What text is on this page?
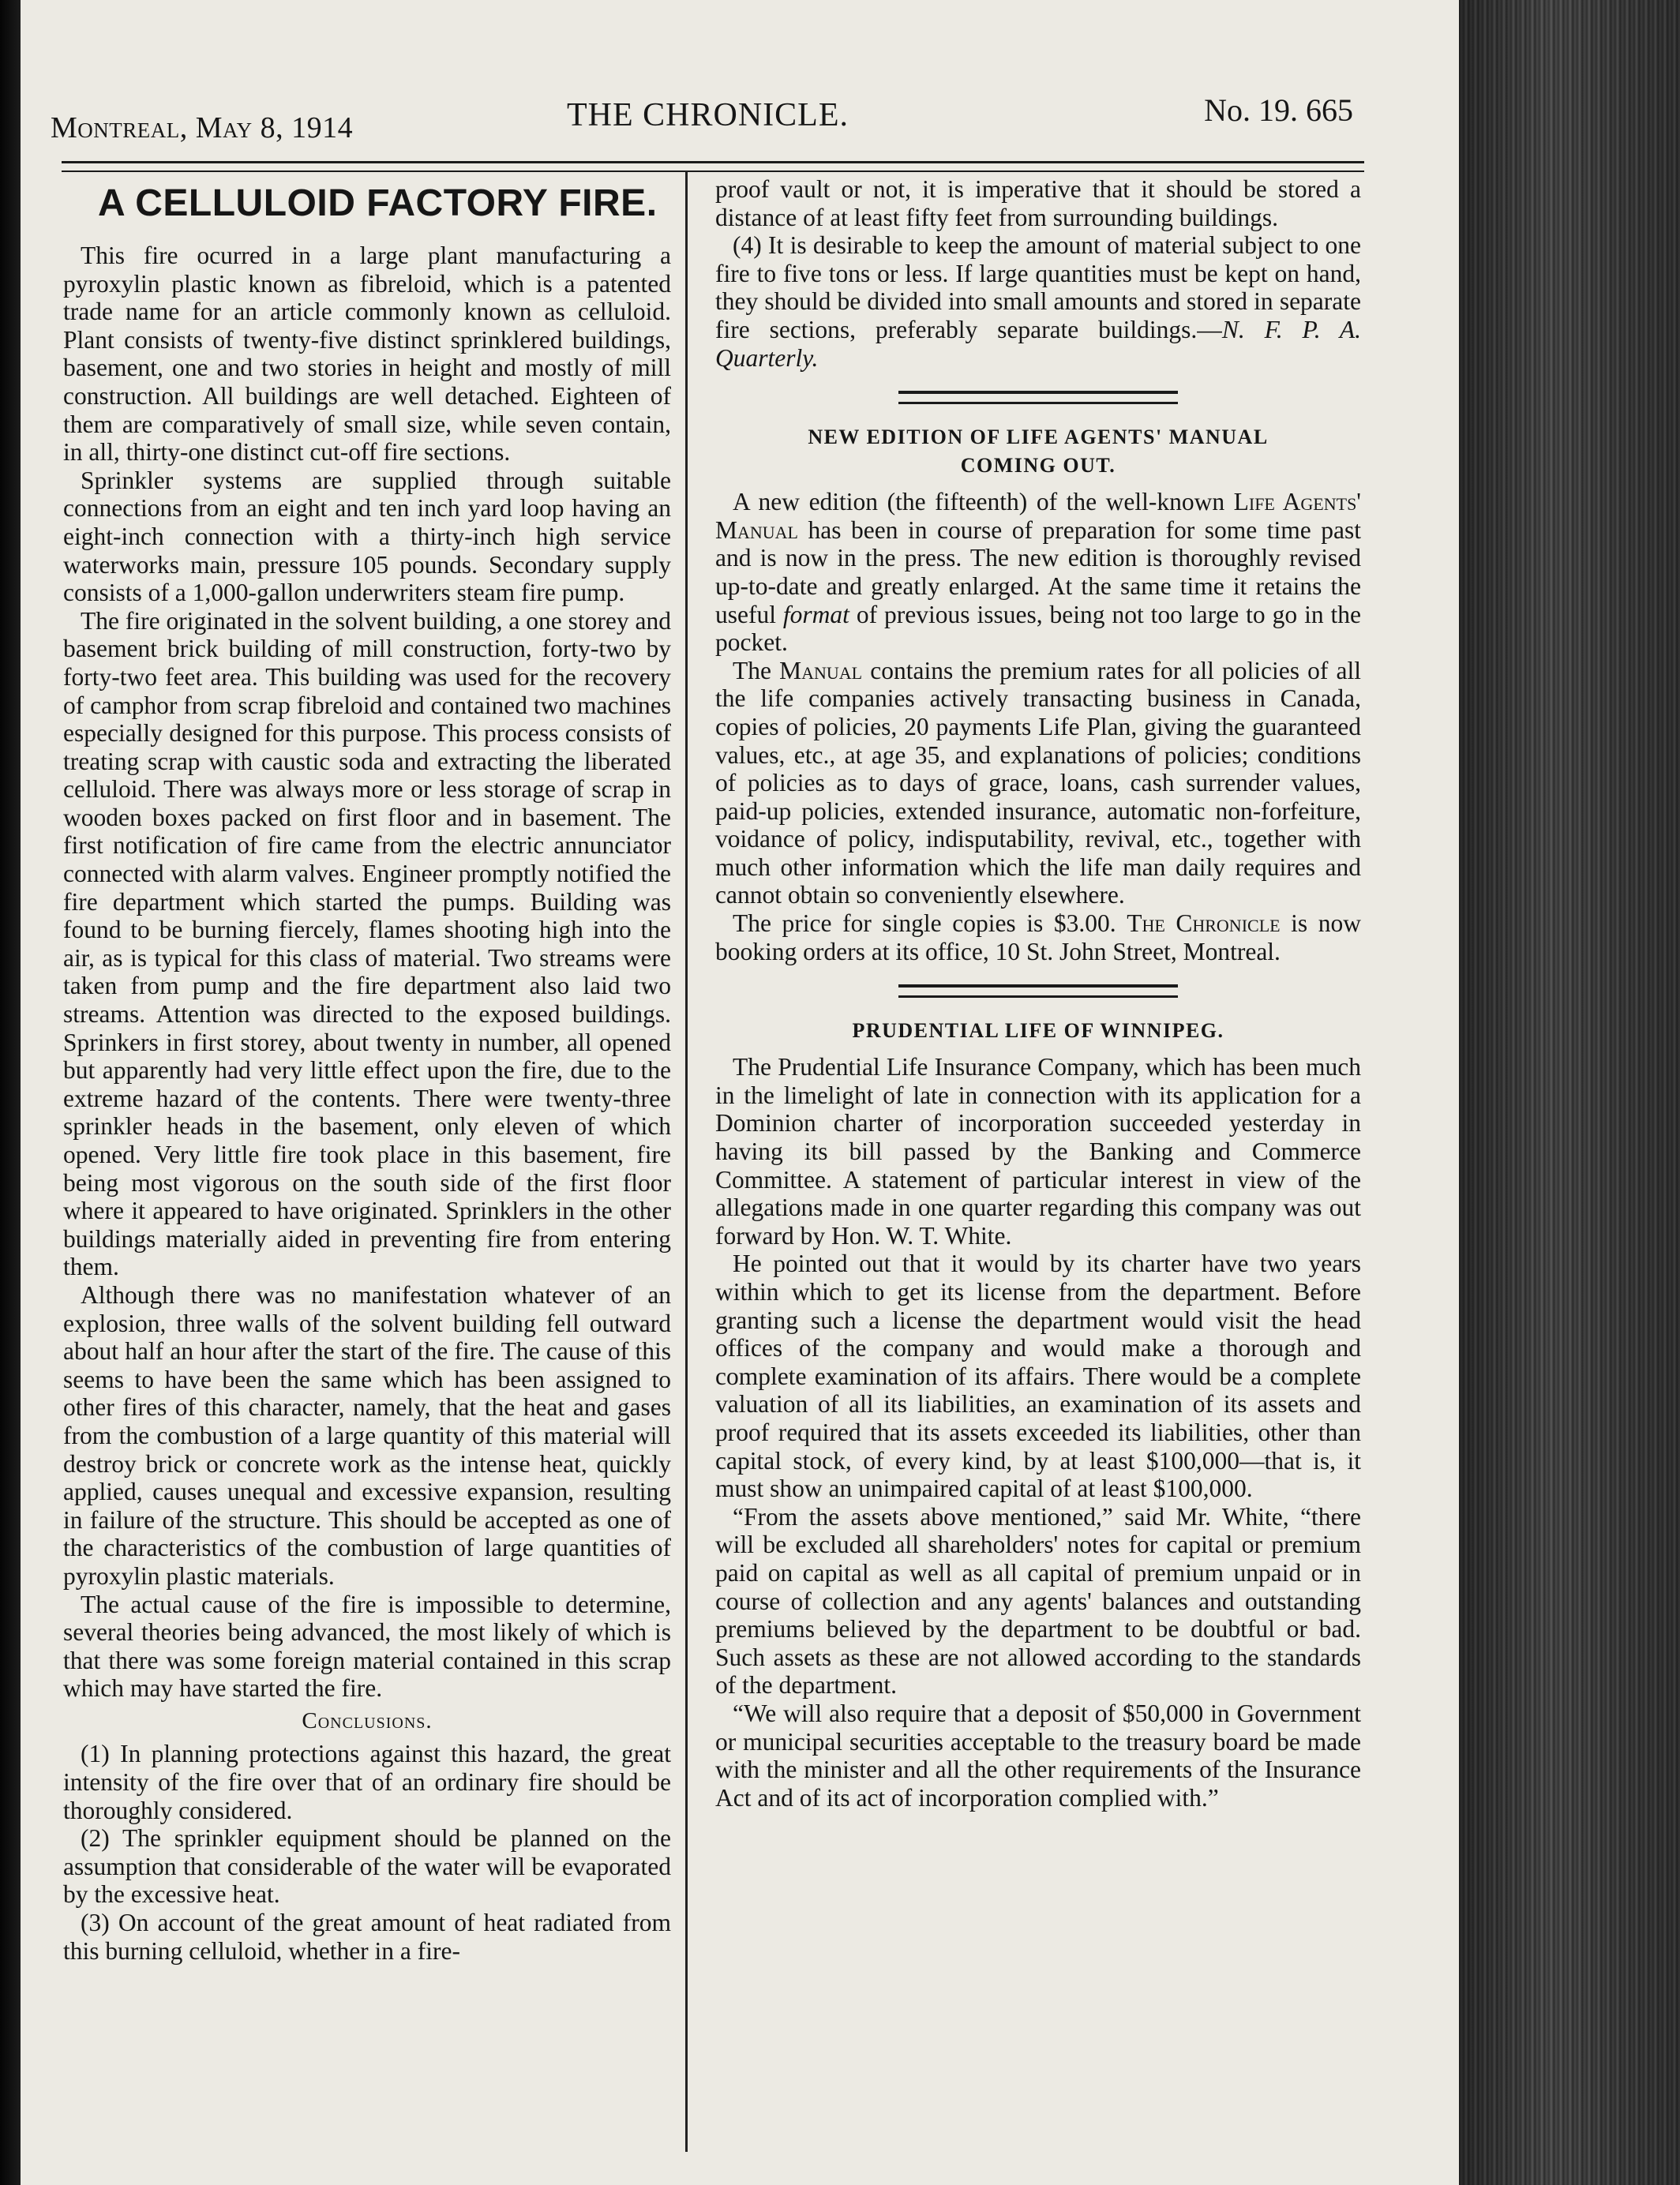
Montreal, May 8, 1914	THE CHRONICLE.	No. 19. 665
A CELLULOID FACTORY FIRE.

This fire ocurred in a large plant manufacturing a pyroxylin plastic known as fibreloid, which is a patented trade name for an article commonly known as celluloid. Plant consists of twenty-five distinct sprinklered buildings, basement, one and two stories in height and mostly of mill construction. All buildings are well detached. Eighteen of them are comparatively of small size, while seven contain, in all, thirty-one distinct cut-off fire sections.

Sprinkler systems are supplied through suitable connections from an eight and ten inch yard loop having an eight-inch connection with a thirty-inch high service waterworks main, pressure 105 pounds. Secondary supply consists of a 1,000-gallon underwriters steam fire pump.

The fire originated in the solvent building, a one storey and basement brick building of mill construction, forty-two by forty-two feet area. This building was used for the recovery of camphor from scrap fibreloid and contained two machines especially designed for this purpose. This process consists of treating scrap with caustic soda and extracting the liberated celluloid. There was always more or less storage of scrap in wooden boxes packed on first floor and in basement. The first notification of fire came from the electric annunciator connected with alarm valves. Engineer promptly notified the fire department which started the pumps. Building was found to be burning fiercely, flames shooting high into the air, as is typical for this class of material. Two streams were taken from pump and the fire department also laid two streams. Attention was directed to the exposed buildings. Sprinkers in first storey, about twenty in number, all opened but apparently had very little effect upon the fire, due to the extreme hazard of the contents. There were twenty-three sprinkler heads in the basement, only eleven of which opened. Very little fire took place in this basement, fire being most vigorous on the south side of the first floor where it appeared to have originated. Sprinklers in the other buildings materially aided in preventing fire from entering them.

Although there was no manifestation whatever of an explosion, three walls of the solvent building fell outward about half an hour after the start of the fire. The cause of this seems to have been the same which has been assigned to other fires of this character, namely, that the heat and gases from the combustion of a large quantity of this material will destroy brick or concrete work as the intense heat, quickly applied, causes unequal and excessive expansion, resulting in failure of the structure. This should be accepted as one of the characteristics of the combustion of large quantities of pyroxylin plastic materials.

The actual cause of the fire is impossible to determine, several theories being advanced, the most likely of which is that there was some foreign material contained in this scrap which may have started the fire.

Conclusions.

(1) In planning protections against this hazard, the great intensity of the fire over that of an ordinary fire should be thoroughly considered.

(2) The sprinkler equipment should be planned on the assumption that considerable of the water will be evaporated by the excessive heat.

(3) On account of the great amount of heat radiated from this burning celluloid, whether in a fire-

proof vault or not, it is imperative that it should be stored a distance of at least fifty feet from surrounding buildings.

(4) It is desirable to keep the amount of material subject to one fire to five tons or less. If large quantities must be kept on hand, they should be divided into small amounts and stored in separate fire sections, preferably separate buildings.—N. F. P. A. Quarterly.

NEW EDITION OF LIFE AGENTS' MANUAL
COMING OUT.

A new edition (the fifteenth) of the well-known Life Agents' Manual has been in course of preparation for some time past and is now in the press. The new edition is thoroughly revised up-to-date and greatly enlarged. At the same time it retains the useful format of previous issues, being not too large to go in the pocket.

The Manual contains the premium rates for all policies of all the life companies actively transacting business in Canada, copies of policies, 20 payments Life Plan, giving the guaranteed values, etc., at age 35, and explanations of policies; conditions of policies as to days of grace, loans, cash surrender values, paid-up policies, extended insurance, automatic non-forfeiture, voidance of policy, indisputability, revival, etc., together with much other information which the life man daily requires and cannot obtain so conveniently elsewhere.

The price for single copies is $3.00. The Chronicle is now booking orders at its office, 10 St. John Street, Montreal.

PRUDENTIAL LIFE OF WINNIPEG.

The Prudential Life Insurance Company, which has been much in the limelight of late in connection with its application for a Dominion charter of incorporation succeeded yesterday in having its bill passed by the Banking and Commerce Committee. A statement of particular interest in view of the allegations made in one quarter regarding this company was out forward by Hon. W. T. White.

He pointed out that it would by its charter have two years within which to get its license from the department. Before granting such a license the department would visit the head offices of the company and would make a thorough and complete examination of its affairs. There would be a complete valuation of all its liabilities, an examination of its assets and proof required that its assets exceeded its liabilities, other than capital stock, of every kind, by at least $100,000—that is, it must show an unimpaired capital of at least $100,000.

“From the assets above mentioned,” said Mr. White, “there will be excluded all shareholders' notes for capital or premium paid on capital as well as all capital of premium unpaid or in course of collection and any agents' balances and outstanding premiums believed by the department to be doubtful or bad. Such assets as these are not allowed according to the standards of the department.

“We will also require that a deposit of $50,000 in Government or municipal securities acceptable to the treasury board be made with the minister and all the other requirements of the Insurance Act and of its act of incorporation complied with.”
